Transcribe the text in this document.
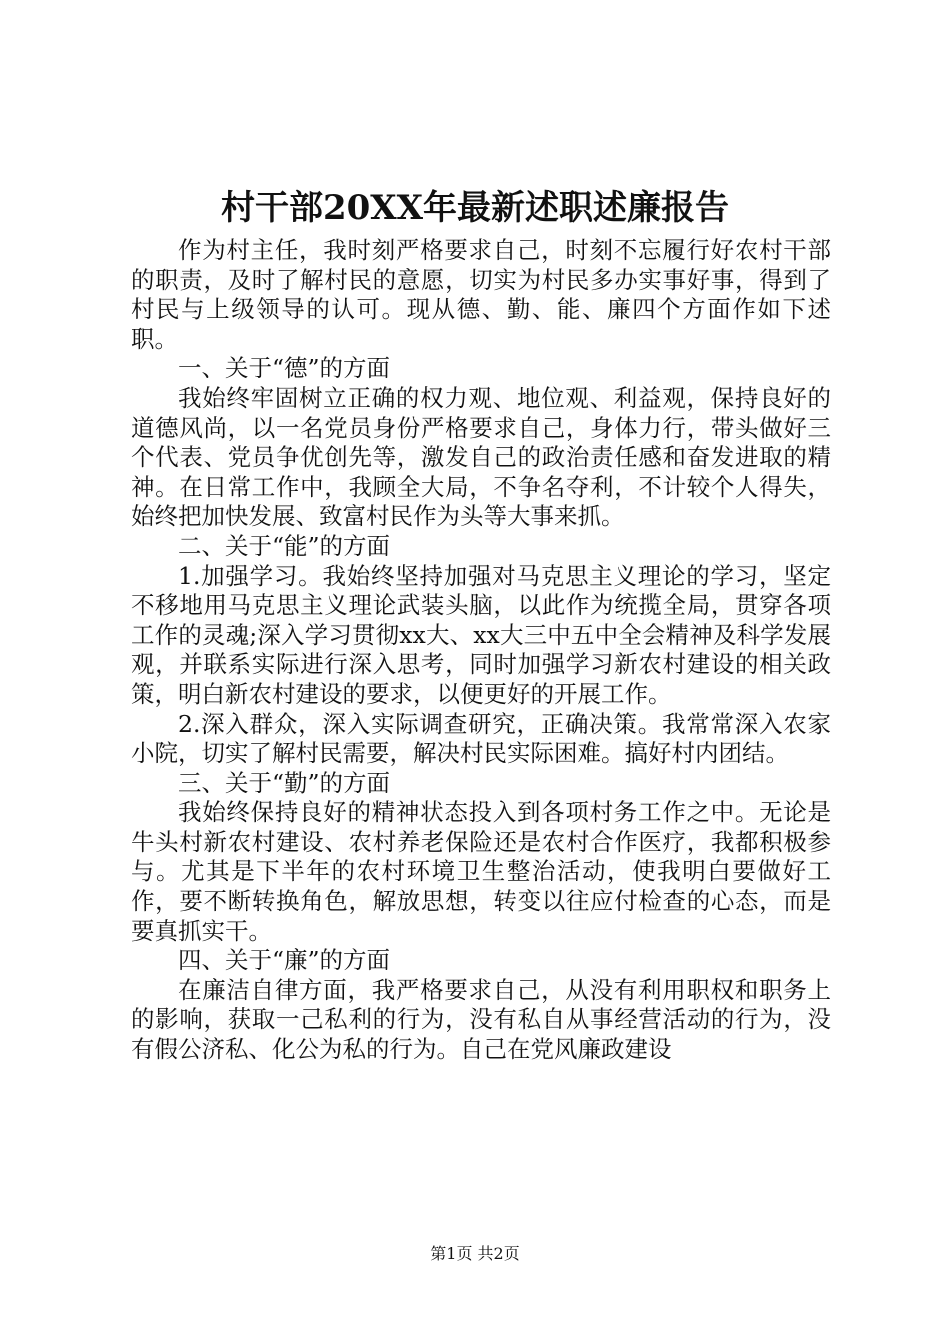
村干部20XX年最新述职述廉报告

作为村主任，我时刻严格要求自己，时刻不忘履行好农村干部的职责，及时了解村民的意愿，切实为村民多办实事好事，得到了村民与上级领导的认可。现从德、勤、能、廉四个方面作如下述职。

一、关于“德”的方面

我始终牢固树立正确的权力观、地位观、利益观，保持良好的道德风尚，以一名党员身份严格要求自己，身体力行，带头做好三个代表、党员争优创先等，激发自己的政治责任感和奋发进取的精神。在日常工作中，我顾全大局，不争名夺利，不计较个人得失，始终把加快发展、致富村民作为头等大事来抓。

二、关于“能”的方面

1.加强学习。我始终坚持加强对马克思主义理论的学习，坚定不移地用马克思主义理论武装头脑，以此作为统揽全局，贯穿各项工作的灵魂;深入学习贯彻xx大、xx大三中五中全会精神及科学发展观，并联系实际进行深入思考，同时加强学习新农村建设的相关政策，明白新农村建设的要求，以便更好的开展工作。

2.深入群众，深入实际调查研究，正确决策。我常常深入农家小院，切实了解村民需要，解决村民实际困难。搞好村内团结。

三、关于“勤”的方面

我始终保持良好的精神状态投入到各项村务工作之中。无论是牛头村新农村建设、农村养老保险还是农村合作医疗，我都积极参与。尤其是下半年的农村环境卫生整治活动，使我明白要做好工作，要不断转换角色，解放思想，转变以往应付检查的心态，而是要真抓实干。

四、关于“廉”的方面

在廉洁自律方面，我严格要求自己，从没有利用职权和职务上的影响，获取一己私利的行为，没有私自从事经营活动的行为，没有假公济私、化公为私的行为。自己在党风廉政建设

第1页 共2页
